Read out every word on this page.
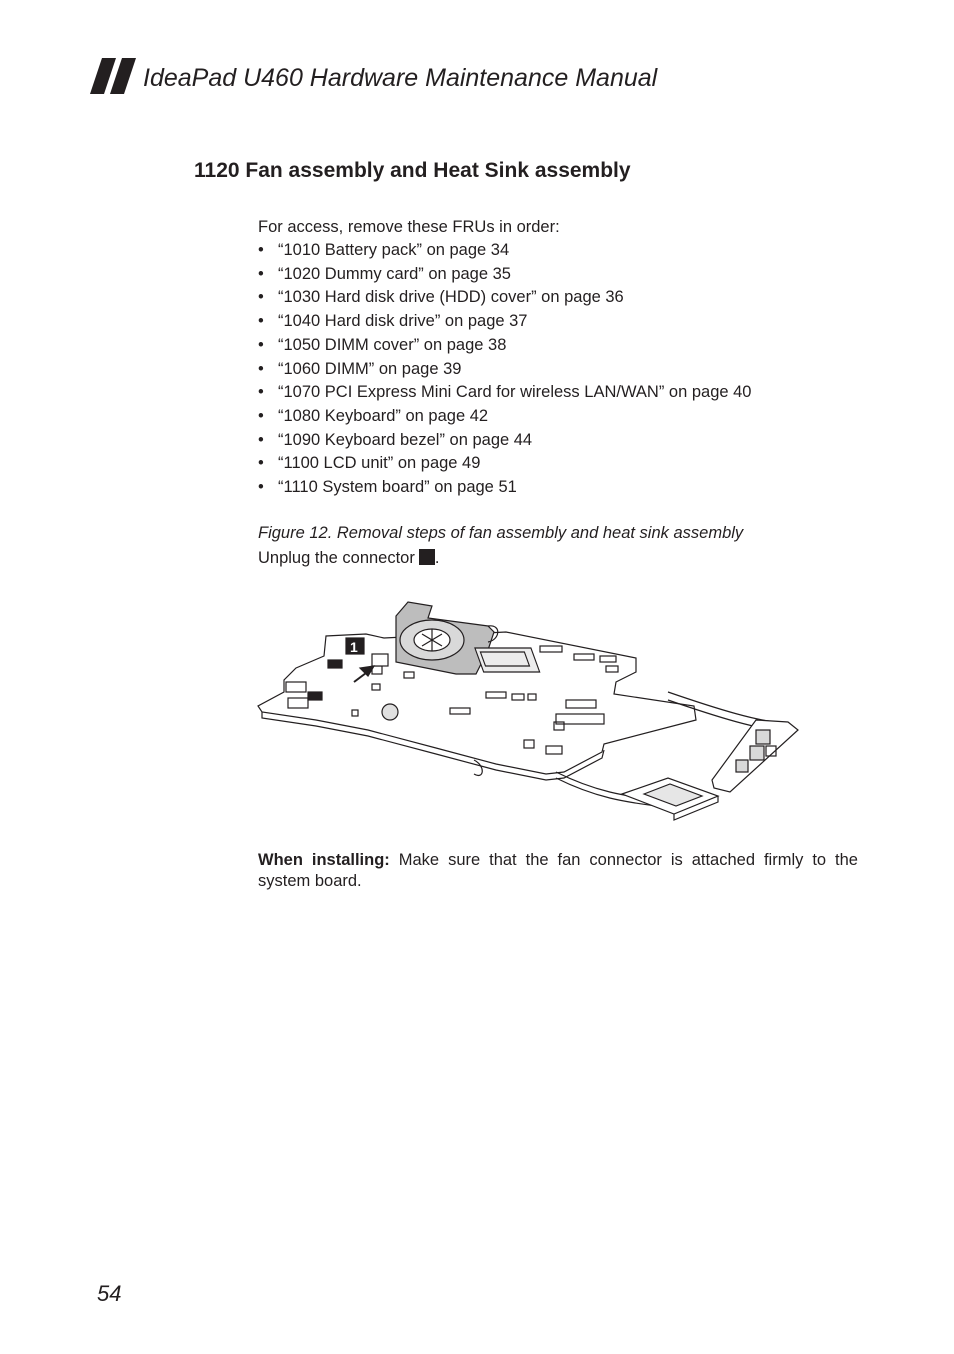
IdeaPad U460 Hardware Maintenance Manual
1120 Fan assembly and Heat Sink assembly

For access, remove these FRUs in order:

• “1010 Battery pack” on page 34
• “1020 Dummy card” on page 35
• “1030 Hard disk drive (HDD) cover” on page 36
• “1040 Hard disk drive” on page 37
• “1050 DIMM cover” on page 38
• “1060 DIMM” on page 39
• “1070 PCI Express Mini Card for wireless LAN/WAN” on page 40
• “1080 Keyboard” on page 42
• “1090 Keyboard bezel” on page 44
• “1100 LCD unit” on page 49
• “1110 System board” on page 51
Figure 12. Removal steps of fan assembly and heat sink assembly
Unplug the connector .
1
When installing: Make sure that the fan connector is attached firmly to the system board.
54
